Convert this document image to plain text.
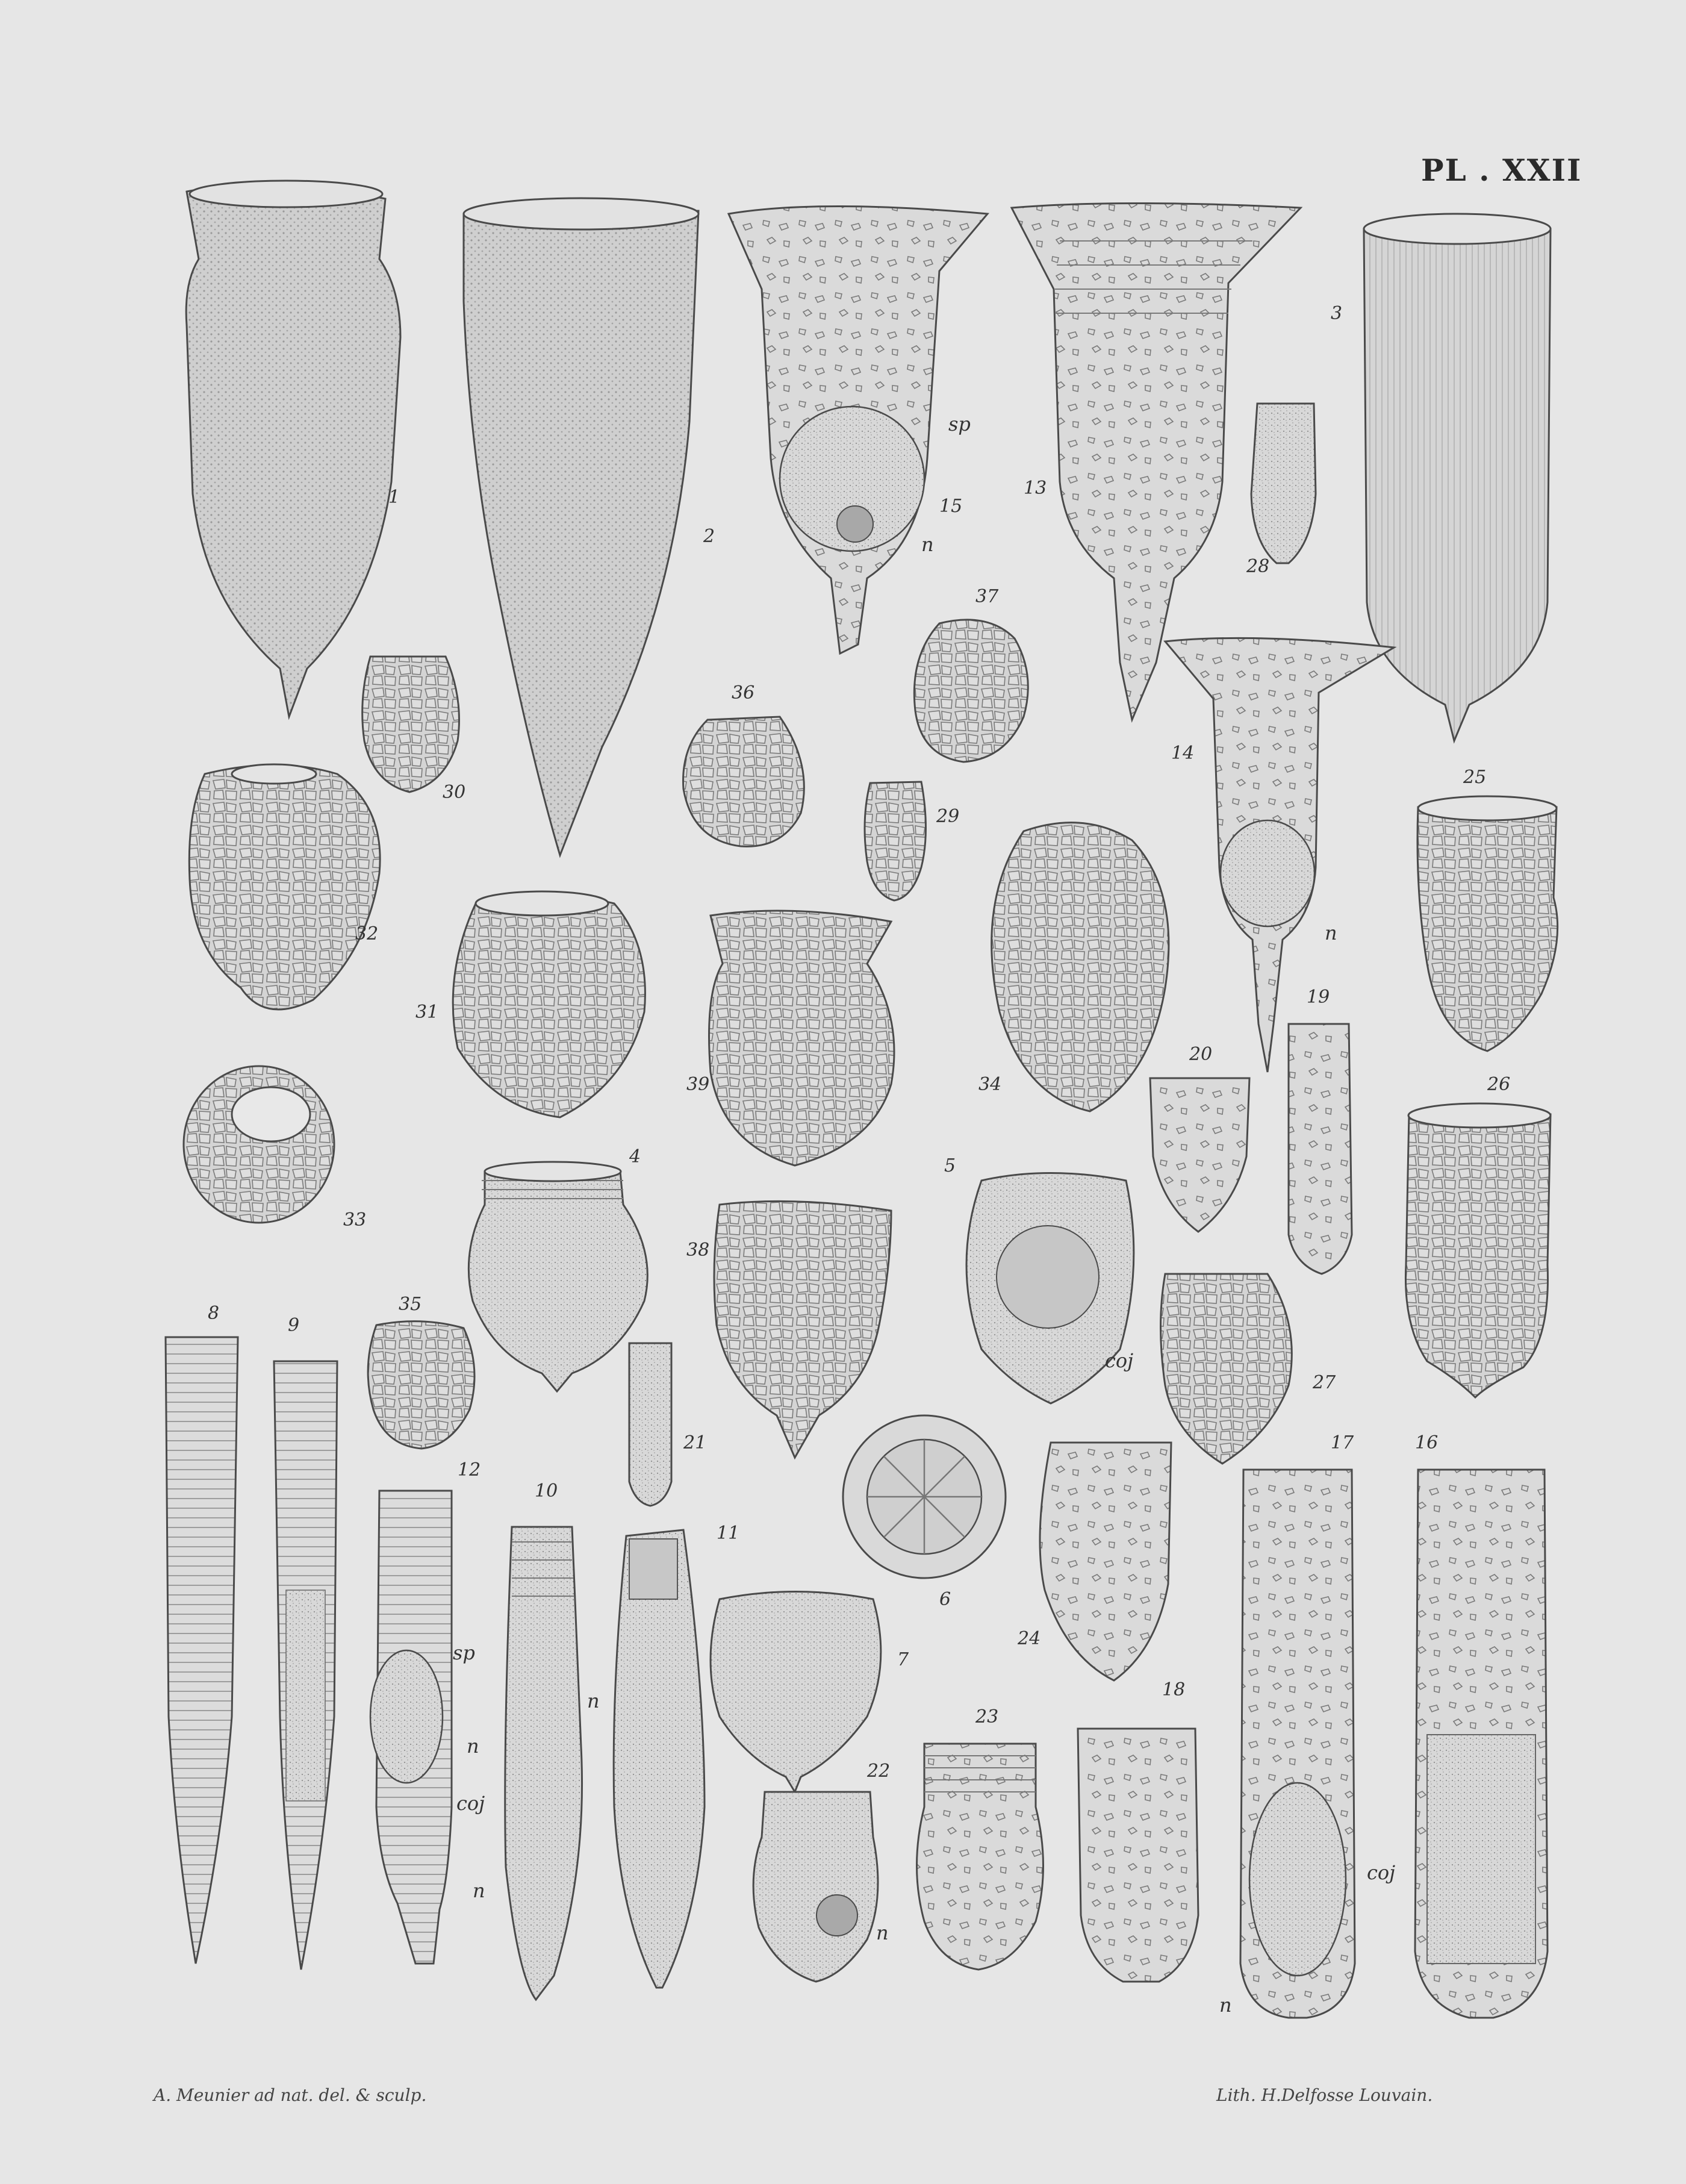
PL . XXII
1
2
15
sp
n
13
3
28
30
36
37
29
14
n
25
32
31
39	34
33
20
19
26
4
38
5
coj
35
21
27
6
24
8
9
12
sp
n
10
n
coj
n
11
7
22
n
23
18
17
coj
n
16
A. Meunier ad nat. del. & sculp.	Lith. H.Delfosse Louvain.
